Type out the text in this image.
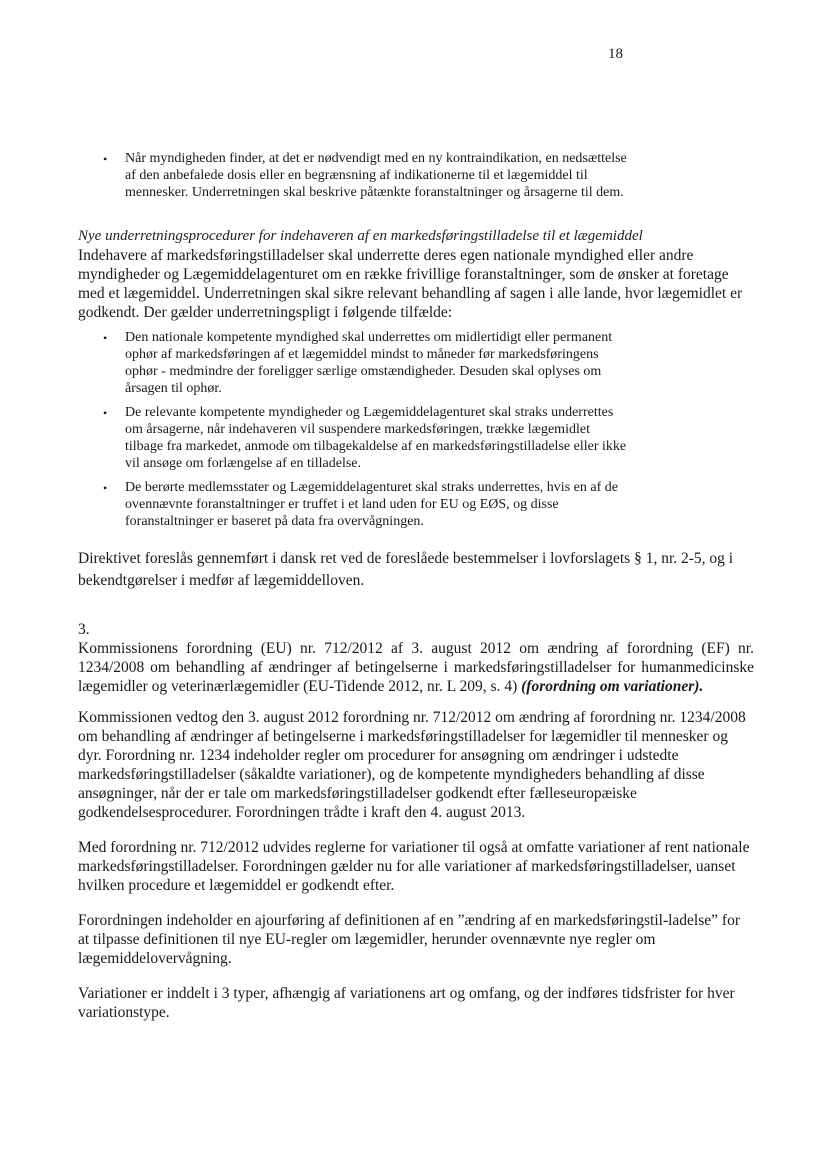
18
•	Når myndigheden finder, at det er nødvendigt med en ny kontraindikation, en nedsættelse af den anbefalede dosis eller en begrænsning af indikationerne til et lægemiddel til mennesker. Underretningen skal beskrive påtænkte foranstaltninger og årsagerne til dem.
Nye underretningsprocedurer for indehaveren af en markedsføringstilladelse til et lægemiddel

Indehavere af markedsføringstilladelser skal underrette deres egen nationale myndighed eller andre myndigheder og Lægemiddelagenturet om en række frivillige foranstaltninger, som de ønsker at foretage med et lægemiddel. Underretningen skal sikre relevant behandling af sagen i alle lande, hvor lægemidlet er godkendt. Der gælder underretningspligt i følgende tilfælde:

•	Den nationale kompetente myndighed skal underrettes om midlertidigt eller permanent ophør af markedsføringen af et lægemiddel mindst to måneder før markedsføringens ophør - medmindre der foreligger særlige omstændigheder. Desuden skal oplyses om årsagen til ophør.
•	De relevante kompetente myndigheder og Lægemiddelagenturet skal straks underrettes om årsagerne, når indehaveren vil suspendere markedsføringen, trække lægemidlet tilbage fra markedet, anmode om tilbagekaldelse af en markedsføringstilladelse eller ikke vil ansøge om forlængelse af en tilladelse.
•	De berørte medlemsstater og Lægemiddelagenturet skal straks underrettes, hvis en af de ovennævnte foranstaltninger er truffet i et land uden for EU og EØS, og disse foranstaltninger er baseret på data fra overvågningen.

Direktivet foreslås gennemført i dansk ret ved de foreslåede bestemmelser i lovforslagets § 1, nr. 2-5, og i bekendtgørelser i medfør af lægemiddelloven.

3.

Kommissionens forordning (EU) nr. 712/2012 af 3. august 2012 om ændring af forordning (EF) nr. 1234/2008 om behandling af ændringer af betingelserne i markedsføringstilladelser for humanmedicinske lægemidler og veterinærlægemidler (EU-Tidende 2012, nr. L 209, s. 4) (forordning om variationer).

Kommissionen vedtog den 3. august 2012 forordning nr. 712/2012 om ændring af forordning nr. 1234/2008 om behandling af ændringer af betingelserne i markedsføringstilladelser for lægemidler til mennesker og dyr. Forordning nr. 1234 indeholder regler om procedurer for ansøgning om ændringer i udstedte markedsføringstilladelser (såkaldte variationer), og de kompetente myndigheders behandling af disse ansøgninger, når der er tale om markedsføringstilladelser godkendt efter fælleseuropæiske godkendelsesprocedurer. Forordningen trådte i kraft den 4. august 2013.

Med forordning nr. 712/2012 udvides reglerne for variationer til også at omfatte variationer af rent nationale markedsføringstilladelser. Forordningen gælder nu for alle variationer af markedsføringstilladelser, uanset hvilken procedure et lægemiddel er godkendt efter.

Forordningen indeholder en ajourføring af definitionen af en ”ændring af en markedsføringstil-ladelse” for at tilpasse definitionen til nye EU-regler om lægemidler, herunder ovennævnte nye regler om lægemiddelovervågning.

Variationer er inddelt i 3 typer, afhængig af variationens art og omfang, og der indføres tidsfrister for hver variationstype.
